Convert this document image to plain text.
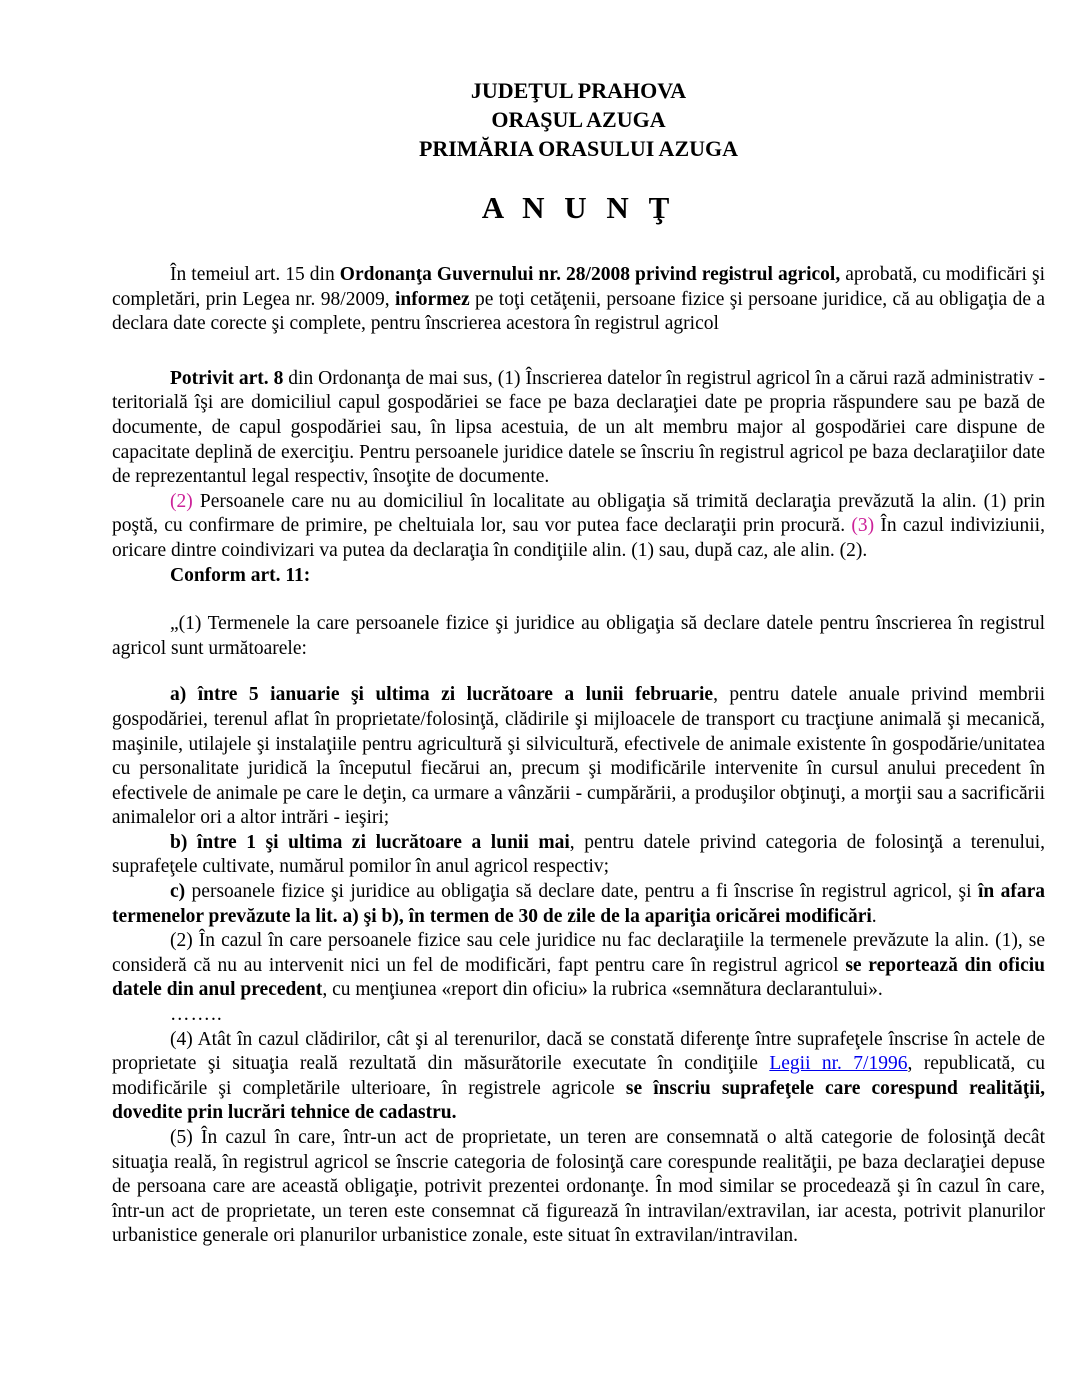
JUDEŢUL PRAHOVA
ORAŞUL AZUGA
PRIMĂRIA ORASULUI AZUGA
A N U N Ţ

În temeiul art. 15 din Ordonanţa Guvernului nr. 28/2008 privind registrul agricol, aprobată, cu modificări şi completări, prin Legea nr. 98/2009, informez pe toţi cetăţenii, persoane fizice şi persoane juridice, că au obligaţia de a declara date corecte şi complete, pentru înscrierea acestora în registrul agricol

Potrivit art. 8 din Ordonanţa de mai sus, (1) Înscrierea datelor în registrul agricol în a cărui rază administrativ - teritorială îşi are domiciliul capul gospodăriei se face pe baza declaraţiei date pe propria răspundere sau pe bază de documente, de capul gospodăriei sau, în lipsa acestuia, de un alt membru major al gospodăriei care dispune de capacitate deplină de exerciţiu. Pentru persoanele juridice datele se înscriu în registrul agricol pe baza declaraţiilor date de reprezentantul legal respectiv, însoţite de documente.

(2) Persoanele care nu au domiciliul în localitate au obligaţia să trimită declaraţia prevăzută la alin. (1) prin poştă, cu confirmare de primire, pe cheltuiala lor, sau vor putea face declaraţii prin procură. (3) În cazul indiviziunii, oricare dintre coindivizari va putea da declaraţia în condiţiile alin. (1) sau, după caz, ale alin. (2).

Conform art. 11:

„(1) Termenele la care persoanele fizice şi juridice au obligaţia să declare datele pentru înscrierea în registrul agricol sunt următoarele:

a) între 5 ianuarie şi ultima zi lucrătoare a lunii februarie, pentru datele anuale privind membrii gospodăriei, terenul aflat în proprietate/folosinţă, clădirile şi mijloacele de transport cu tracţiune animală şi mecanică, maşinile, utilajele şi instalaţiile pentru agricultură şi silvicultură, efectivele de animale existente în gospodărie/unitatea cu personalitate juridică la începutul fiecărui an, precum şi modificările intervenite în cursul anului precedent în efectivele de animale pe care le deţin, ca urmare a vânzării - cumpărării, a produşilor obţinuţi, a morţii sau a sacrificării animalelor ori a altor intrări - ieşiri;

b) între 1 şi ultima zi lucrătoare a lunii mai, pentru datele privind categoria de folosinţă a terenului, suprafeţele cultivate, numărul pomilor în anul agricol respectiv;

c) persoanele fizice şi juridice au obligaţia să declare date, pentru a fi înscrise în registrul agricol, şi în afara termenelor prevăzute la lit. a) şi b), în termen de 30 de zile de la apariţia oricărei modificări.

(2) În cazul în care persoanele fizice sau cele juridice nu fac declaraţiile la termenele prevăzute la alin. (1), se consideră că nu au intervenit nici un fel de modificări, fapt pentru care în registrul agricol se reportează din oficiu datele din anul precedent, cu menţiunea «report din oficiu» la rubrica «semnătura declarantului».

……..

(4) Atât în cazul clădirilor, cât şi al terenurilor, dacă se constată diferenţe între suprafeţele înscrise în actele de proprietate şi situaţia reală rezultată din măsurătorile executate în condiţiile Legii nr. 7/1996, republicată, cu modificările şi completările ulterioare, în registrele agricole se înscriu suprafeţele care corespund realităţii, dovedite prin lucrări tehnice de cadastru.

(5) În cazul în care, într-un act de proprietate, un teren are consemnată o altă categorie de folosinţă decât situaţia reală, în registrul agricol se înscrie categoria de folosinţă care corespunde realităţii, pe baza declaraţiei depuse de persoana care are această obligaţie, potrivit prezentei ordonanţe. În mod similar se procedează şi în cazul în care, într-un act de proprietate, un teren este consemnat că figurează în intravilan/extravilan, iar acesta, potrivit planurilor urbanistice generale ori planurilor urbanistice zonale, este situat în extravilan/intravilan.
